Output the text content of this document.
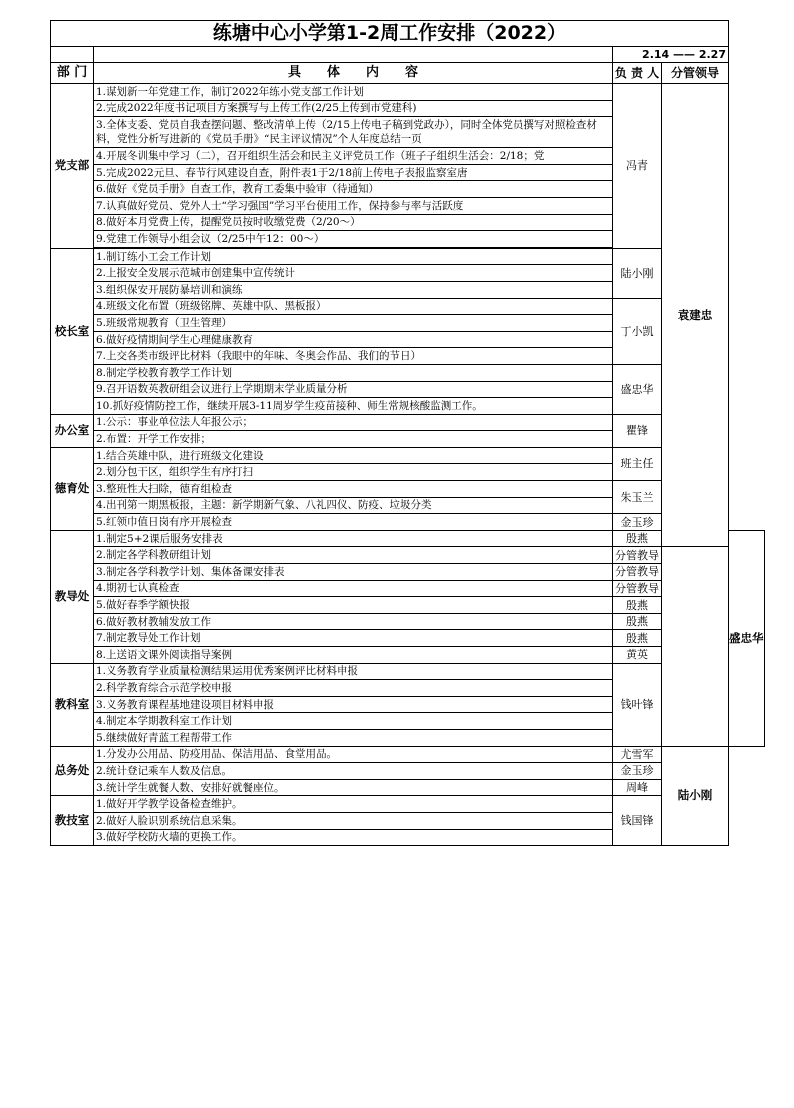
练塘中心小学第1-2周工作安排（2022）				
		2.14 —— 2.27		
部 门	具　　体　　内　　容	负 责 人	分管领导	
党支部	1.谋划新一年党建工作，制订2022年练小党支部工作计划	冯青	袁建忠	
	2.完成2022年度书记项目方案撰写与上传工作(2/25上传到市党建科)			
	3.全体支委、党员自我查摆问题、整改清单上传（2/15上传电子稿到党政办），同时全体党员撰写对照检查材料，党性分析写进新的《党员手册》“民主评议情况”个人年度总结一页			
	4.开展冬训集中学习（二），召开组织生活会和民主义评党员工作（班子子组织生活会：2/18；党			
	5.完成2022元旦、春节行风建设自查，附件表1于2/18前上传电子表报监察室唐			
	6.做好《党员手册》自查工作，教育工委集中验审（待通知）			
	7.认真做好党员、党外人士“学习强国”学习平台使用工作，保持参与率与活跃度			
	8.做好本月党费上传，提醒党员按时收缴党费（2/20～）			
	9.党建工作领导小组会议（2/25中午12：00～）			

校长室	1.制订练小工会工作计划	陆小刚		
	2.上报安全发展示范城市创建集中宣传统计			
	3.组织保安开展防暴培训和演练			
	4.班级文化布置（班级铭牌、英雄中队、黑板报）	丁小凯		
	5.班级常规教育（卫生管理）			
	6.做好疫情期间学生心理健康教育			
	7.上交各类市级评比材料（我眼中的年味、冬奥会作品、我们的节日）			
	8.制定学校教育教学工作计划	盛忠华		
	9.召开语数英教研组会议进行上学期期末学业质量分析			
	10.抓好疫情防控工作，继续开展3-11周岁学生疫苗接种、师生常规核酸监测工作。			
办公室	1.公示：事业单位法人年报公示；	瞿锋		
	2.布置：开学工作安排；			
德育处	1.结合英雄中队，进行班级文化建设	班主任		
	2.划分包干区，组织学生有序打扫			
	3.整班性大扫除，德育组检查	朱玉兰		
	4.出刊第一期黑板报，主题：新学期新气象、八礼四仪、防疫、垃圾分类			
	5.红领巾值日岗有序开展检查	金玉珍		
教导处	1.制定5+2课后服务安排表	殷燕		盛忠华
	2.制定各学科教研组计划	分管教导		
	3.制定各学科教学计划、集体备课安排表	分管教导		
	4.期初七认真检查	分管教导		
	5.做好春季学额快报	殷燕		
	6.做好教材教辅发放工作	殷燕		
	7.制定教导处工作计划	殷燕		
	8.上送语文课外阅读指导案例	黄英		
教科室	1.义务教育学业质量检测结果运用优秀案例评比材料申报	钱叶锋		
	2.科学教育综合示范学校申报			
	3.义务教育课程基地建设项目材料申报			
	4.制定本学期教科室工作计划			
	5.继续做好青蓝工程帮带工作			
总务处	1.分发办公用品、防疫用品、保洁用品、食堂用品。	尤雪军	陆小刚	
	2.统计登记乘车人数及信息。	金玉珍		
	3.统计学生就餐人数、安排好就餐座位。	周峰		
教技室	1.做好开学教学设备检查维护。	钱国锋		
	2.做好人脸识别系统信息采集。			
	3.做好学校防火墙的更换工作。			
